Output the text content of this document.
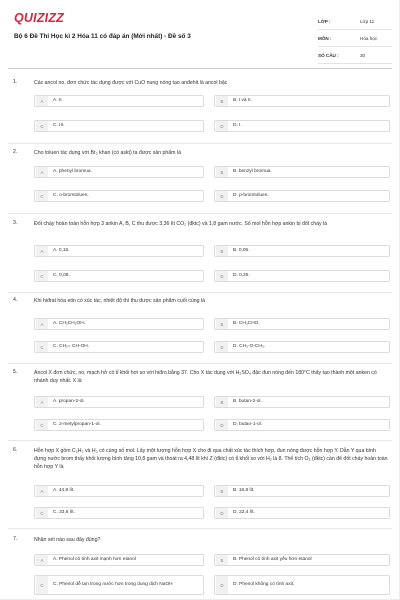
QUIZIZZ
Bộ 6 Đề Thi Học kì 2 Hóa 11 có đáp án (Mới nhất) - Đề số 3
LỚP :	Lớp 11
MÔN :	Hóa học
SỐ CÂU :	30
1.	Các ancol no, đơn chức tác dụng được với CuO nung nóng tạo anđehit là ancol bậc
A	A. II.	B	B. I và II.
C	C. III.	D	D. I.
2.	Cho toluen tác dụng với Br₂ khan (có askt) ta được sản phẩm là
A	A. phenyl bromua.	B	B. benzyl bromua.
C	C. o-bromtoluen.	D	D. p-bromtoluen.
3.	Đốt cháy hoàn toàn hỗn hợp 3 ankin A, B, C thu được 3,36 lít CO₂ (đktc) và 1,8 gam nước. Số mol hỗn hợp ankin bị đốt cháy là
A	A. 0,15.	B	B. 0,05.
C	C. 0,08.	D	D. 0,25.
4.	Khi hiđrat hóa etin có xúc tác, nhiệt độ thì thu được sản phẩm cuối cùng là
A	A. CH₃CH₂OH.	B	B. CH₃CHO.
C	C. CH₂= CH-OH.	D	D. CH₃-O-CH₃.
5.	Ancol X đơn chức, no, mạch hở có tỉ khối hơi so với hiđro bằng 37. Cho X tác dụng với H₂SO₄ đặc đun nóng đến 180°C thấy tạo thành một anken có nhánh duy nhất. X là
A	A. propan-2-ol.	B	B. butan-2-ol.
C	C. 2-metylpropan-1-ol.	D	D. butan-1-ol.
6.	Hỗn hợp X gồm C₂H₂ và H₂ có cùng số mol. Lấy một lượng hỗn hợp X cho đi qua chất xúc tác thích hợp, đun nóng được hỗn hợp Y. Dẫn Y qua bình đựng nước brom thấy khối lượng bình tăng 10,8 gam và thoát ra 4,48 lít khí Z (đktc) có tỉ khối so với H₂ là 8. Thể tích O₂ (đktc) cần để đốt cháy hoàn toàn hỗn hợp Y là
A	A. 44,8 lít.	B	B. 16,8 lít.
C	C. 33,6 lít.	D	D. 22,4 lít.
7.	Nhận xét nào sau đây đúng?
A	A. Phenol có tính axit mạnh hơn etanol	B	B. Phenol có tính axit yếu hơn etanol
C	C. Phenol dễ tan trong nước hơn trong dung dịch NaOH	D	D. Phenol không có tính axit.
